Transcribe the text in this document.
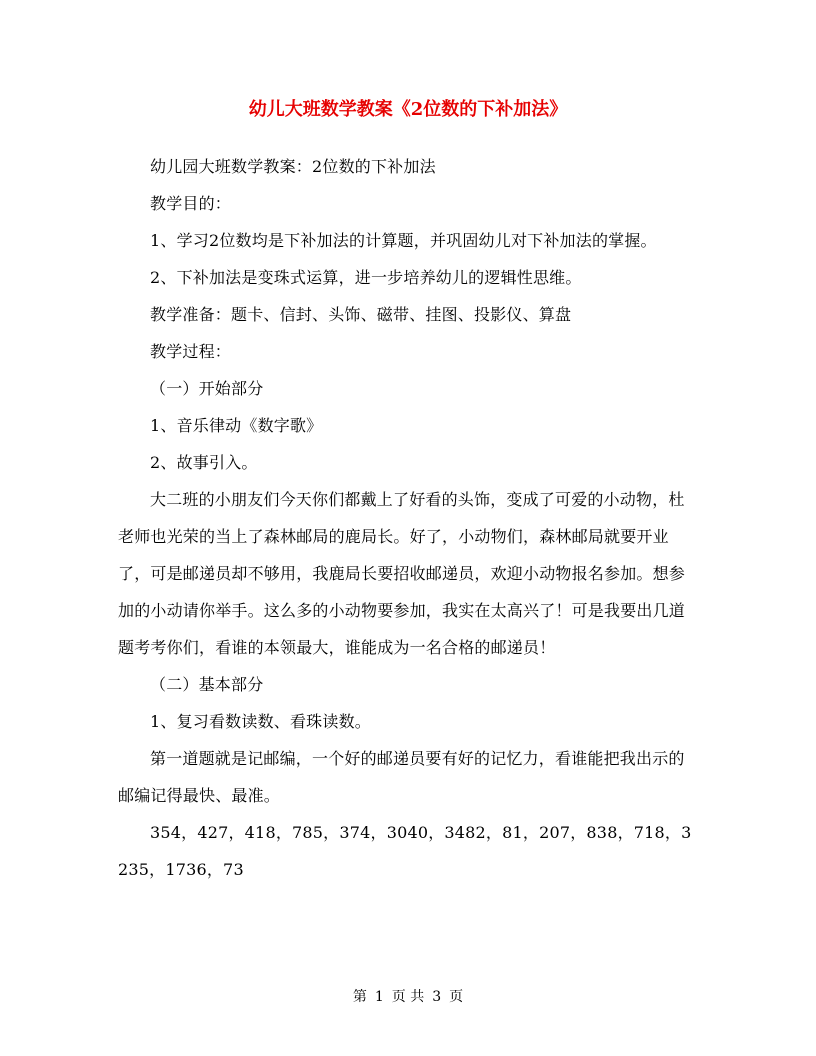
幼儿大班数学教案《2位数的下补加法》

幼儿园大班数学教案：2位数的下补加法

教学目的：

1、学习2位数均是下补加法的计算题，并巩固幼儿对下补加法的掌握。

2、下补加法是变珠式运算，进一步培养幼儿的逻辑性思维。

教学准备：题卡、信封、头饰、磁带、挂图、投影仪、算盘

教学过程：

（一）开始部分

1、音乐律动《数字歌》

2、故事引入。

大二班的小朋友们今天你们都戴上了好看的头饰，变成了可爱的小动物，杜老师也光荣的当上了森林邮局的鹿局长。好了，小动物们，森林邮局就要开业了，可是邮递员却不够用，我鹿局长要招收邮递员，欢迎小动物报名参加。想参加的小动请你举手。这么多的小动物要参加，我实在太高兴了！可是我要出几道题考考你们，看谁的本领最大，谁能成为一名合格的邮递员！

（二）基本部分

1、复习看数读数、看珠读数。

第一道题就是记邮编，一个好的邮递员要有好的记忆力，看谁能把我出示的邮编记得最快、最准。

354，427，418，785，374，3040，3482，81，207，838，718，3235，1736，73

第 1 页 共 3 页
